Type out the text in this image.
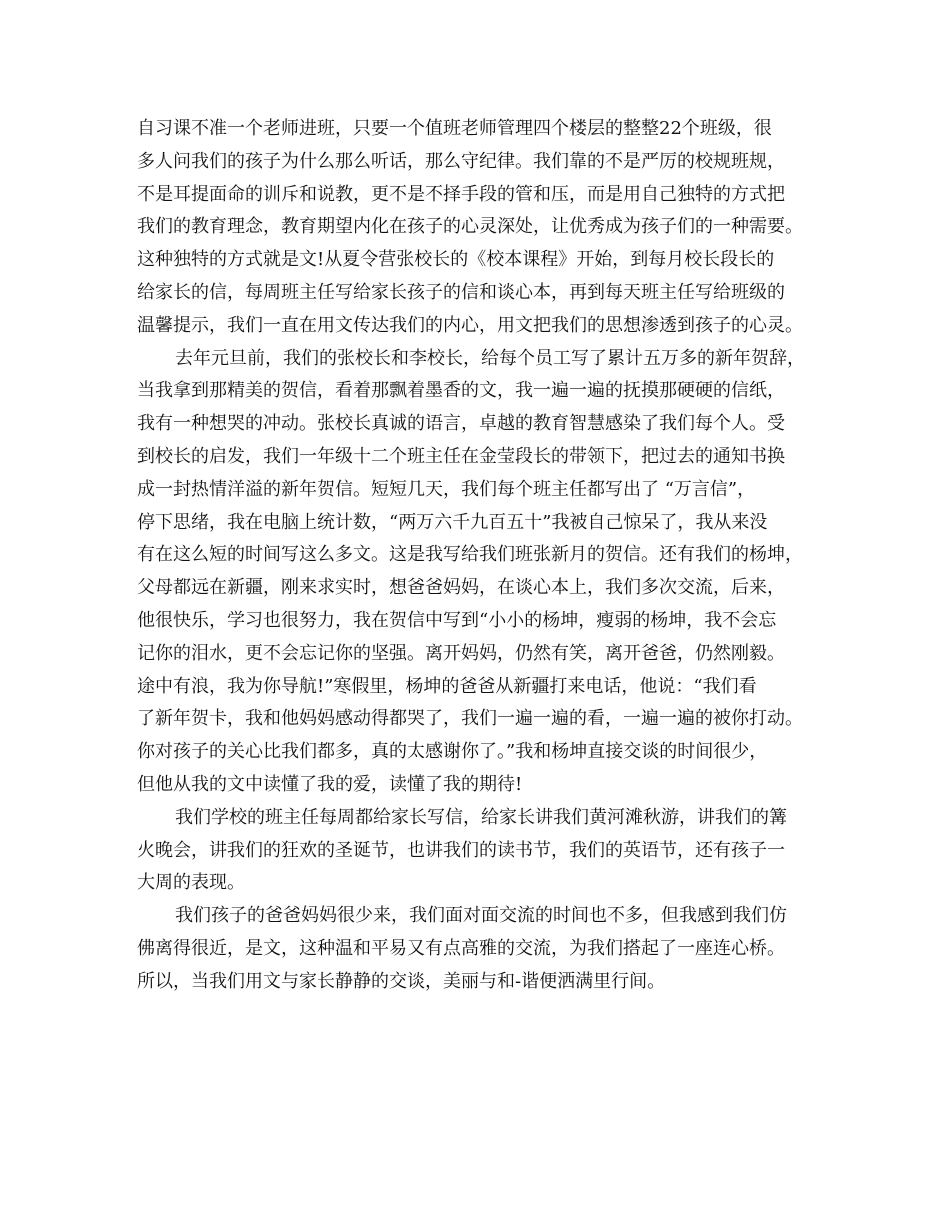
自习课不准一个老师进班，只要一个值班老师管理四个楼层的整整22个班级，很
多人问我们的孩子为什么那么听话，那么守纪律。我们靠的不是严厉的校规班规，
不是耳提面命的训斥和说教，更不是不择手段的管和压，而是用自己独特的方式把
我们的教育理念，教育期望内化在孩子的心灵深处，让优秀成为孩子们的一种需要。
这种独特的方式就是文!从夏令营张校长的《校本课程》开始，到每月校长段长的
给家长的信，每周班主任写给家长孩子的信和谈心本，再到每天班主任写给班级的
温馨提示，我们一直在用文传达我们的内心，用文把我们的思想渗透到孩子的心灵。
去年元旦前，我们的张校长和李校长，给每个员工写了累计五万多的新年贺辞，
当我拿到那精美的贺信，看着那飘着墨香的文，我一遍一遍的抚摸那硬硬的信纸，
我有一种想哭的冲动。张校长真诚的语言，卓越的教育智慧感染了我们每个人。受
到校长的启发，我们一年级十二个班主任在金莹段长的带领下，把过去的通知书换
成一封热情洋溢的新年贺信。短短几天，我们每个班主任都写出了 “万言信”，
停下思绪，我在电脑上统计数，“两万六千九百五十”我被自己惊呆了，我从来没
有在这么短的时间写这么多文。这是我写给我们班张新月的贺信。还有我们的杨坤，
父母都远在新疆，刚来求实时，想爸爸妈妈，在谈心本上，我们多次交流，后来，
他很快乐，学习也很努力，我在贺信中写到“小小的杨坤，瘦弱的杨坤，我不会忘
记你的泪水，更不会忘记你的坚强。离开妈妈，仍然有笑，离开爸爸，仍然刚毅。
途中有浪，我为你导航!”寒假里，杨坤的爸爸从新疆打来电话，他说：“我们看
了新年贺卡，我和他妈妈感动得都哭了，我们一遍一遍的看，一遍一遍的被你打动。
你对孩子的关心比我们都多，真的太感谢你了。”我和杨坤直接交谈的时间很少，
但他从我的文中读懂了我的爱，读懂了我的期待!
我们学校的班主任每周都给家长写信，给家长讲我们黄河滩秋游，讲我们的篝
火晚会，讲我们的狂欢的圣诞节，也讲我们的读书节，我们的英语节，还有孩子一
大周的表现。
我们孩子的爸爸妈妈很少来，我们面对面交流的时间也不多，但我感到我们仿
佛离得很近，是文，这种温和平易又有点高雅的交流，为我们搭起了一座连心桥。
所以，当我们用文与家长静静的交谈，美丽与和-谐便洒满里行间。
